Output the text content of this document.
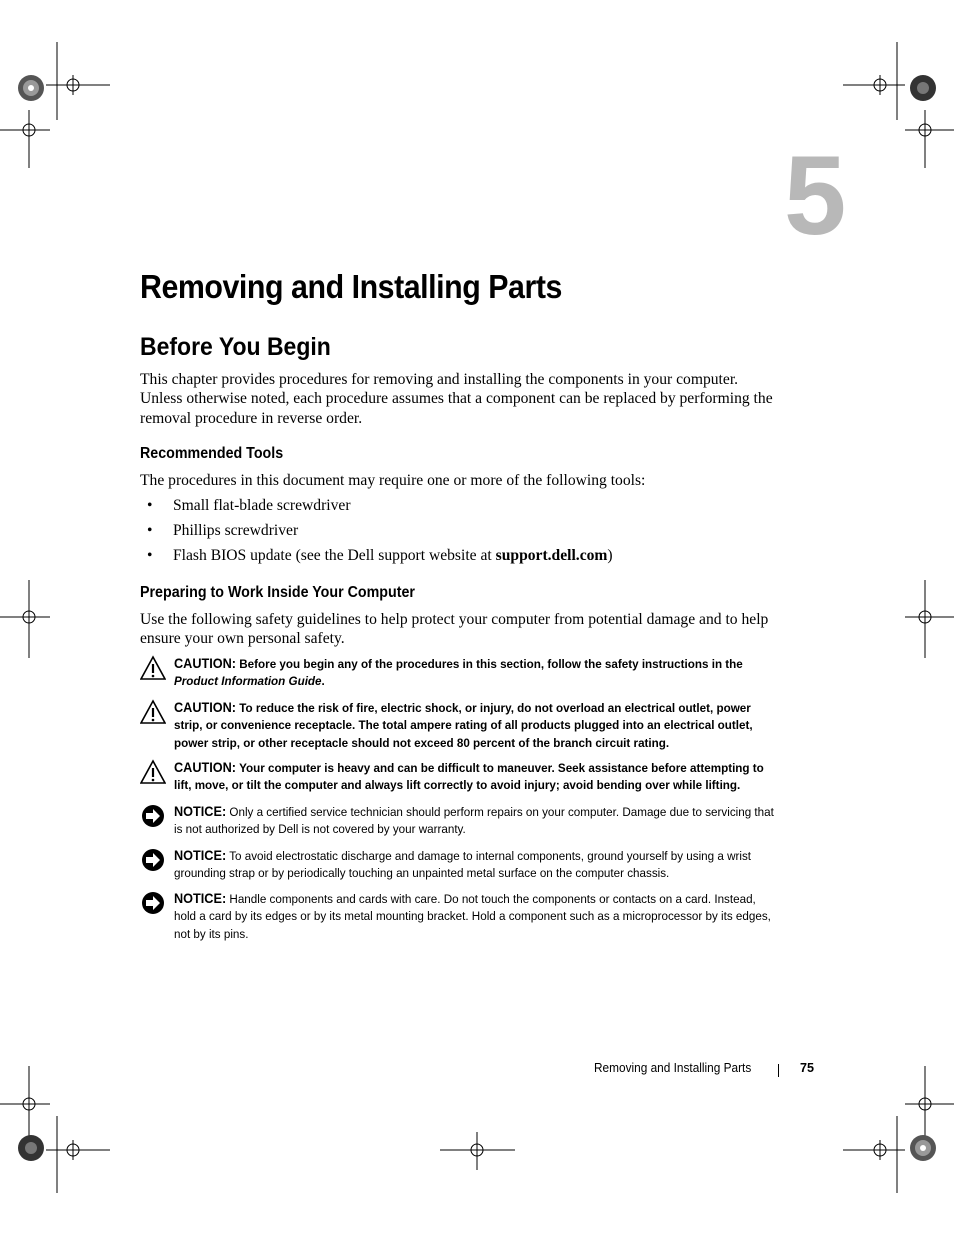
5
Removing and Installing Parts
Before You Begin
This chapter provides procedures for removing and installing the components in your computer. Unless otherwise noted, each procedure assumes that a component can be replaced by performing the removal procedure in reverse order.
Recommended Tools
The procedures in this document may require one or more of the following tools:
• Small flat-blade screwdriver
• Phillips screwdriver
• Flash BIOS update (see the Dell support website at support.dell.com)
Preparing to Work Inside Your Computer
Use the following safety guidelines to help protect your computer from potential damage and to help ensure your own personal safety.
CAUTION: Before you begin any of the procedures in this section, follow the safety instructions in the Product Information Guide.
CAUTION: To reduce the risk of fire, electric shock, or injury, do not overload an electrical outlet, power strip, or convenience receptacle. The total ampere rating of all products plugged into an electrical outlet, power strip, or other receptacle should not exceed 80 percent of the branch circuit rating.
CAUTION: Your computer is heavy and can be difficult to maneuver. Seek assistance before attempting to lift, move, or tilt the computer and always lift correctly to avoid injury; avoid bending over while lifting.
NOTICE: Only a certified service technician should perform repairs on your computer. Damage due to servicing that is not authorized by Dell is not covered by your warranty.
NOTICE: To avoid electrostatic discharge and damage to internal components, ground yourself by using a wrist grounding strap or by periodically touching an unpainted metal surface on the computer chassis.
NOTICE: Handle components and cards with care. Do not touch the components or contacts on a card. Instead, hold a card by its edges or by its metal mounting bracket. Hold a component such as a microprocessor by its edges, not by its pins.
Removing and Installing Parts	75
